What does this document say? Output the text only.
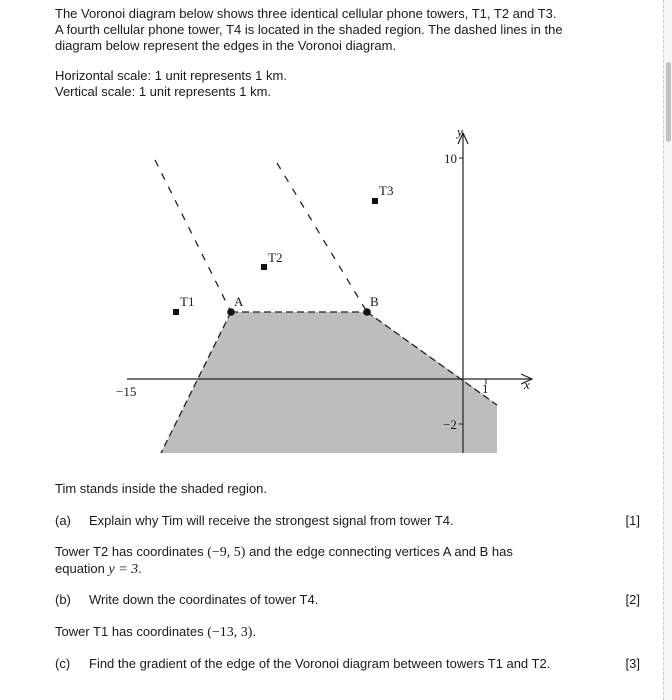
The Voronoi diagram below shows three identical cellular phone towers, T1, T2 and T3.
A fourth cellular phone tower, T4 is located in the shaded region. The dashed lines in the
diagram below represent the edges in the Voronoi diagram.

Horizontal scale: 1 unit represents 1 km.
Vertical scale: 1 unit represents 1 km.

y
x
10
−2
−15	1
T1
T2
T3
A	B
Tim stands inside the shaded region.
(a) Explain why Tim will receive the strongest signal from tower T4.	[1]

Tower T2 has coordinates (−9, 5) and the edge connecting vertices A and B has
equation y = 3.

(b) Write down the coordinates of tower T4.	[2]
Tower T1 has coordinates (−13, 3).
(c) Find the gradient of the edge of the Voronoi diagram between towers T1 and T2.	[3]
